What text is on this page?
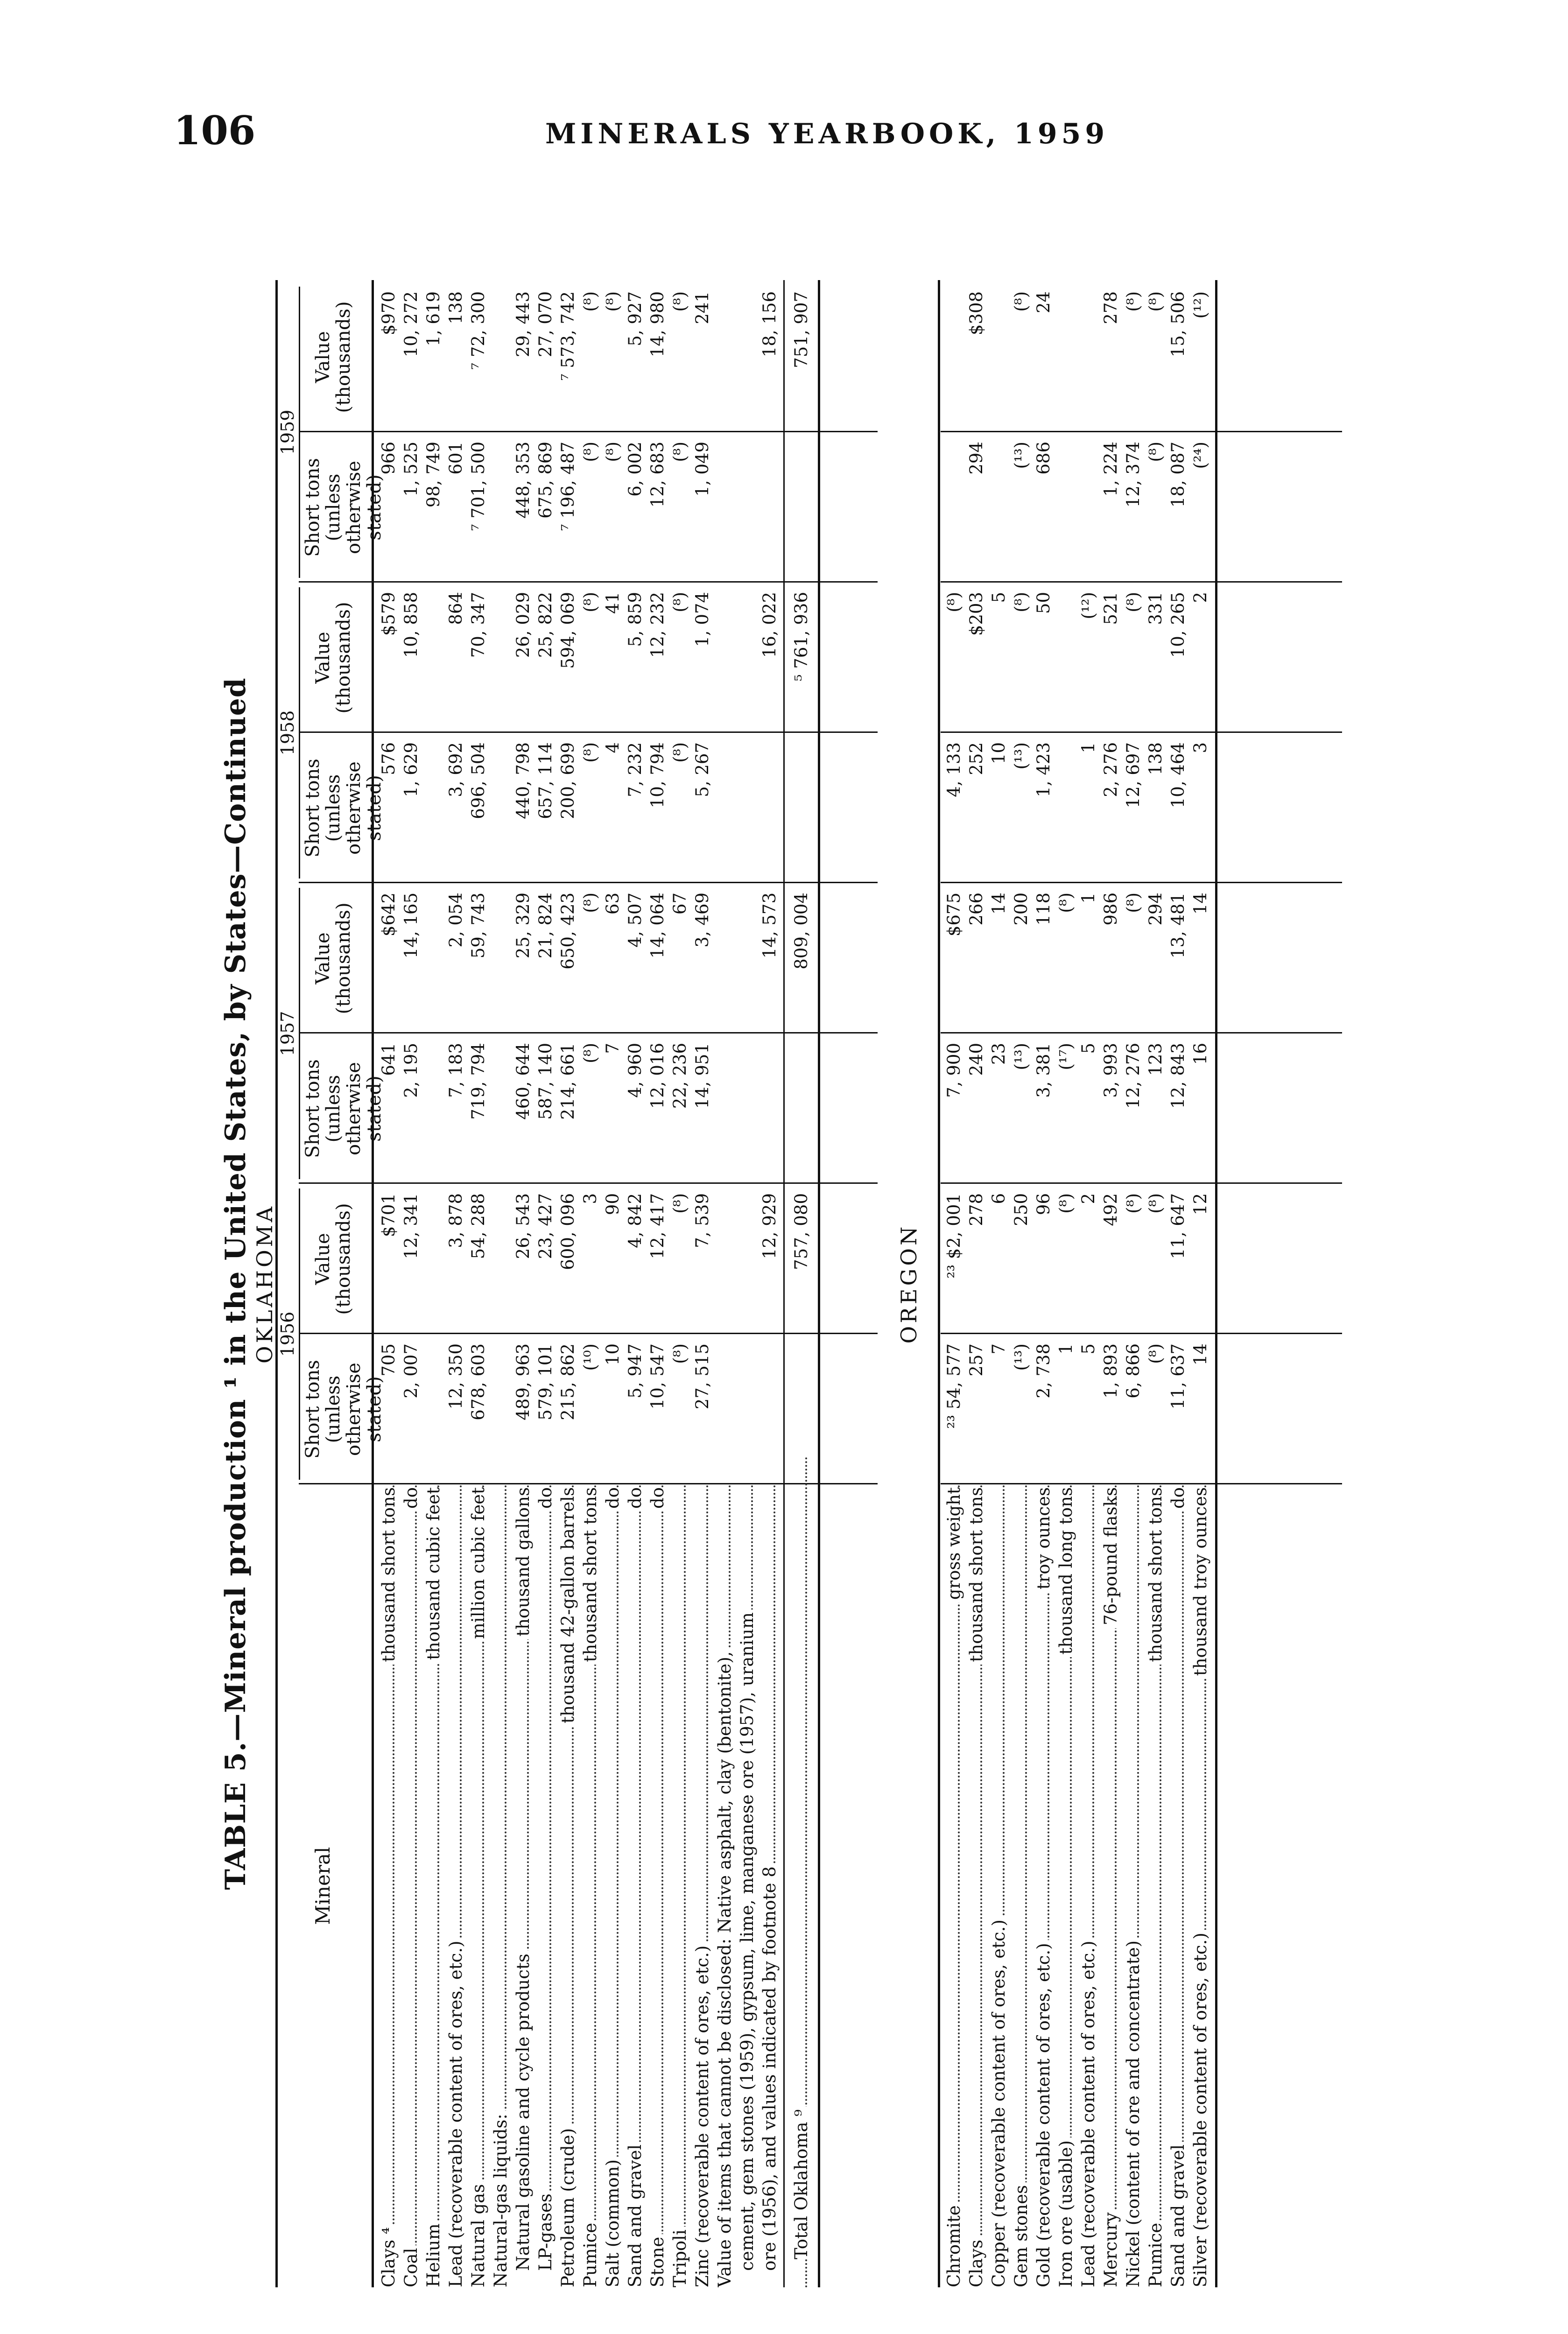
106	MINERALS YEARBOOK, 1959
TABLE 5.—Mineral production ¹ in the United States, by States—Continued OKLAHOMA
Mineral
1956
Short tons (unless otherwise stated)
Value (thousands)
1957
Short tons (unless otherwise stated)
Value (thousands)
1958
Short tons (unless otherwise stated)
Value (thousands)
1959
Short tons (unless otherwise stated)
Value (thousands)
OREGON
Clays ⁴
thousand short tons
705
$701
641
$642
576
$579
966
$970
Coal
do
2, 007
12, 341
2, 195
14, 165
1, 629
10, 858
1, 525
10, 272
Helium
thousand cubic feet
98, 749
1, 619
Lead (recoverable content of ores, etc.)
12, 350
3, 878
7, 183
2, 054
3, 692
864
601
138
Natural gas
million cubic feet
678, 603
54, 288
719, 794
59, 743
696, 504
70, 347
⁷ 701, 500
⁷ 72, 300
Natural-gas liquids: Natural gasoline and cycle products
thousand gallons
489, 963
26, 543
460, 644
25, 329
440, 798
26, 029
448, 353
29, 443
LP-gases
do
579, 101
23, 427
587, 140
21, 824
657, 114
25, 822
675, 869
27, 070
Petroleum (crude)
thousand 42-gallon barrels
215, 862
600, 096
214, 661
650, 423
200, 699
594, 069
⁷ 196, 487
⁷ 573, 742
Pumice
thousand short tons
(¹⁰)
3
(⁸)
(⁸)
(⁸)
(⁸)
(⁸)
(⁸)
Salt (common)
do
10
90
7
63
4
41
(⁸)
(⁸)
Sand and gravel
do
5, 947
4, 842
4, 960
4, 507
7, 232
5, 859
6, 002
5, 927
Stone
do
10, 547
12, 417
12, 016
14, 064
10, 794
12, 232
12, 683
14, 980
Tripoli
(⁸)
(⁸)
22, 236
67
(⁸)
(⁸)
(⁸)
(⁸)
Zinc (recoverable content of ores, etc.)
27, 515
7, 539
14, 951
3, 469
5, 267
1, 074
1, 049
241
Value of items that cannot be disclosed: Native asphalt, clay (bentonite), cement, gem stones (1959), gypsum, lime, manganese ore (1957), uranium ore (1956), and values indicated by footnote 8
12, 929
14, 573
16, 022
18, 156
Total Oklahoma ⁹
757, 080
809, 004
⁵ 761, 936
751, 907
Chromite
gross weight
²³ 54, 577
²³ $2, 001
7, 900
$675
4, 133
(⁸)
Clays
thousand short tons
257
278
240
266
252
$203
294
$308
Copper (recoverable content of ores, etc.)
7
6
23
14
10
5
Gem stones
(¹³)
250
(¹³)
200
(¹³)
(⁸)
(¹³)
(⁸)
Gold (recoverable content of ores, etc.)
troy ounces
2, 738
96
3, 381
118
1, 423
50
686
24
Iron ore (usable)
thousand long tons
1
(⁸)
(¹⁷)
(⁸)
Lead (recoverable content of ores, etc.)
5
2
5
1
1
(¹²)
Mercury
76-pound flasks
1, 893
492
3, 993
986
2, 276
521
1, 224
278
Nickel (content of ore and concentrate)
6, 866
(⁸)
12, 276
(⁸)
12, 697
(⁸)
12, 374
(⁸)
Pumice
thousand short tons
(⁸)
(⁸)
123
294
138
331
(⁸)
(⁸)
Sand and gravel
do
11, 637
11, 647
12, 843
13, 481
10, 464
10, 265
18, 087
15, 506
Silver (recoverable content of ores, etc.)
thousand troy ounces
14
12
16
14
3
2
(²⁴)
(¹²)
